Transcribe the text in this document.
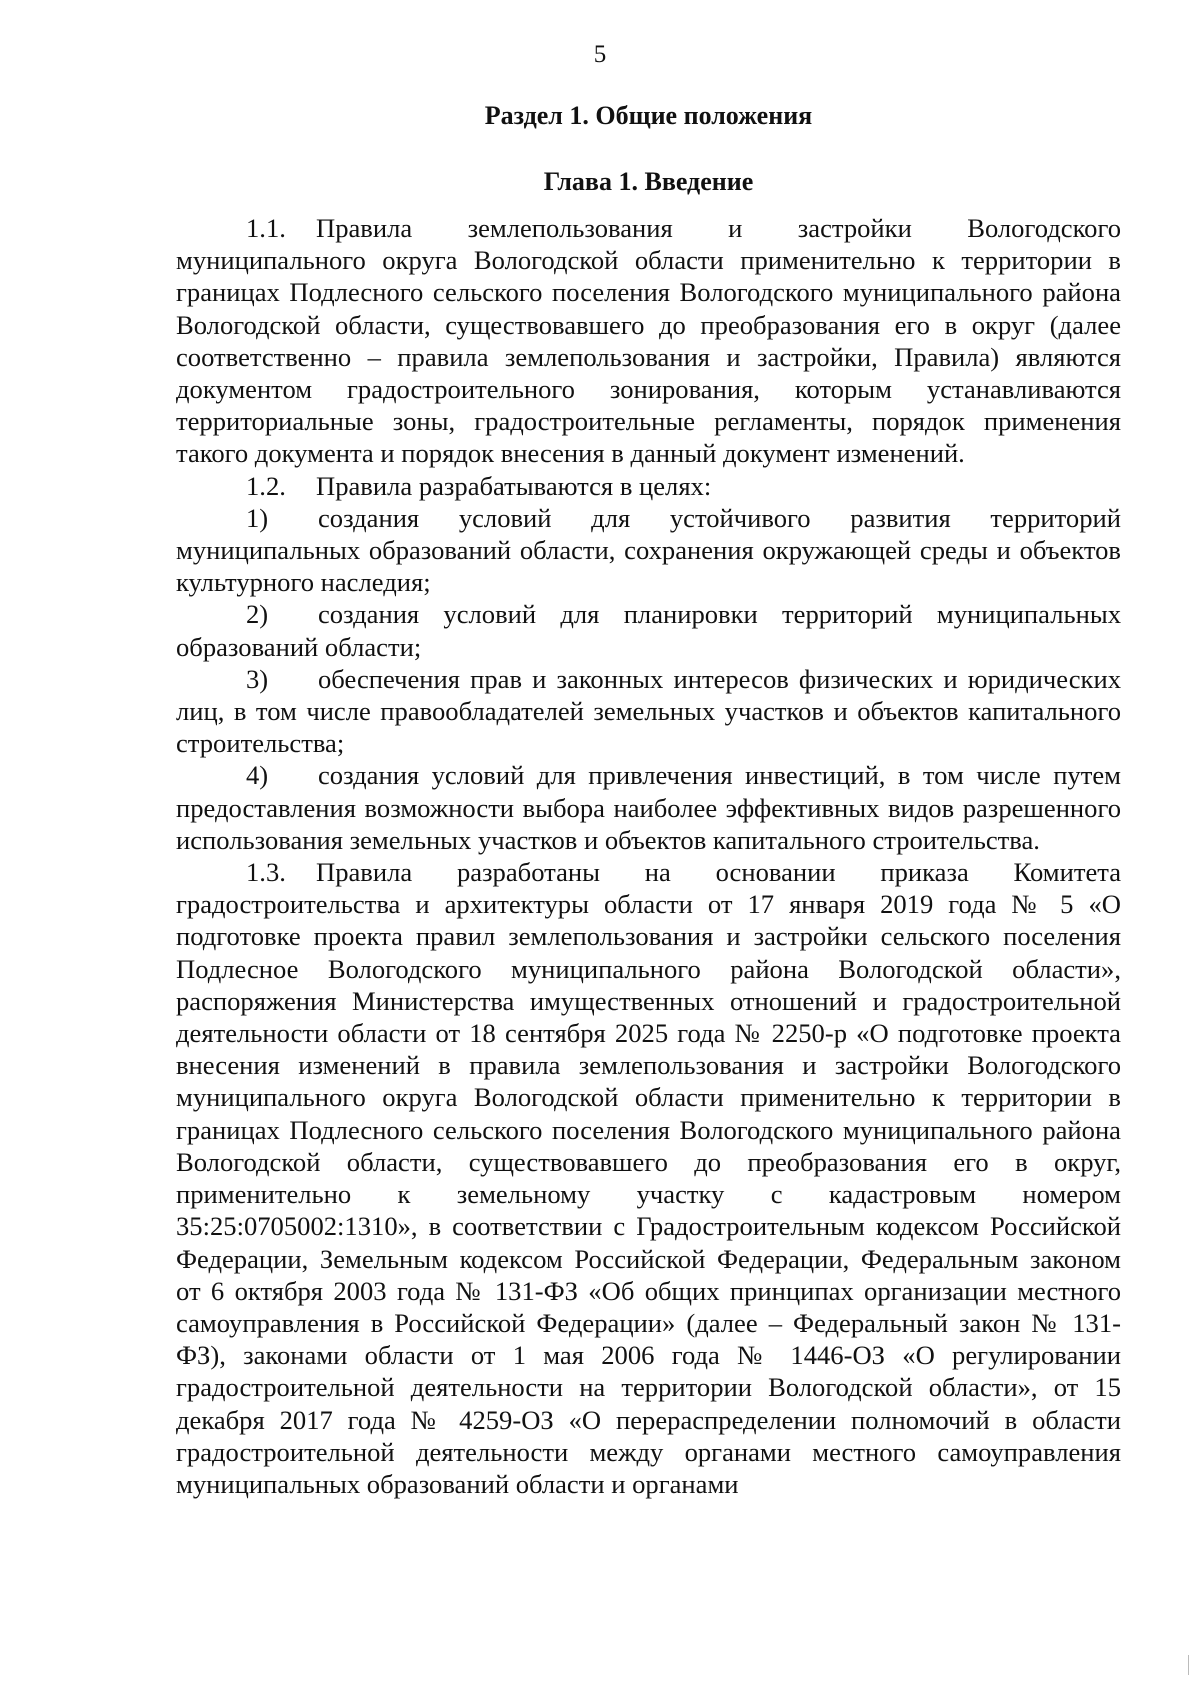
5
Раздел 1. Общие положения
Глава 1. Введение

1.1. Правила землепользования и застройки Вологодского муниципального округа Вологодской области применительно к территории в границах Подлесного сельского поселения Вологодского муниципального района Вологодской области, существовавшего до преобразования его в округ (далее соответственно – правила землепользования и застройки, Правила) являются документом градостроительного зонирования, которым устанавливаются территориальные зоны, градостроительные регламенты, порядок применения такого документа и порядок внесения в данный документ изменений.

1.2. Правила разрабатываются в целях:

1) создания условий для устойчивого развития территорий муниципальных образований области, сохранения окружающей среды и объектов культурного наследия;

2) создания условий для планировки территорий муниципальных образований области;

3) обеспечения прав и законных интересов физических и юридических лиц, в том числе правообладателей земельных участков и объектов капитального строительства;

4) создания условий для привлечения инвестиций, в том числе путем предоставления возможности выбора наиболее эффективных видов разрешенного использования земельных участков и объектов капитального строительства.

1.3. Правила разработаны на основании приказа Комитета градостроительства и архитектуры области от 17 января 2019 года № 5 «О подготовке проекта правил землепользования и застройки сельского поселения Подлесное Вологодского муниципального района Вологодской области», распоряжения Министерства имущественных отношений и градостроительной деятельности области от 18 сентября 2025 года № 2250-р «О подготовке проекта внесения изменений в правила землепользования и застройки Вологодского муниципального округа Вологодской области применительно к территории в границах Подлесного сельского поселения Вологодского муниципального района Вологодской области, существовавшего до преобразования его в округ, применительно к земельному участку с кадастровым номером 35:25:0705002:1310», в соответствии с Градостроительным кодексом Российской Федерации, Земельным кодексом Российской Федерации, Федеральным законом от 6 октября 2003 года № 131-ФЗ «Об общих принципах организации местного самоуправления в Российской Федерации» (далее – Федеральный закон № 131-ФЗ), законами области от 1 мая 2006 года № 1446-ОЗ «О регулировании градостроительной деятельности на территории Вологодской области», от 15 декабря 2017 года № 4259-ОЗ «О перераспределении полномочий в области градостроительной деятельности между органами местного самоуправления муниципальных образований области и органами
